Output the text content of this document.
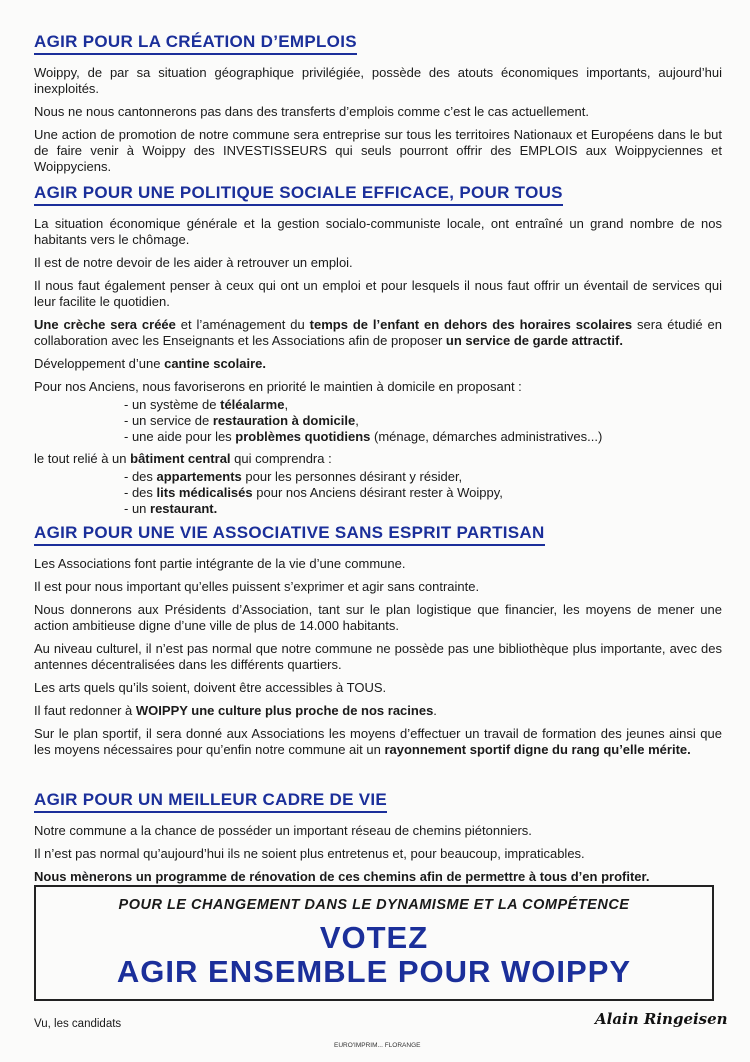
AGIR POUR LA CRÉATION D’EMPLOIS

Woippy, de par sa situation géographique privilégiée, possède des atouts économiques importants, aujourd’hui inexploités.

Nous ne nous cantonnerons pas dans des transferts d’emplois comme c’est le cas actuellement.

Une action de promotion de notre commune sera entreprise sur tous les territoires Nationaux et Européens dans le but de faire venir à Woippy des INVESTISSEURS qui seuls pourront offrir des EMPLOIS aux Woippyciennes et Woippyciens.

AGIR POUR UNE POLITIQUE SOCIALE EFFICACE, POUR TOUS

La situation économique générale et la gestion socialo-communiste locale, ont entraîné un grand nombre de nos habitants vers le chômage.

Il est de notre devoir de les aider à retrouver un emploi.

Il nous faut également penser à ceux qui ont un emploi et pour lesquels il nous faut offrir un éventail de services qui leur facilite le quotidien.

Une crèche sera créée et l’aménagement du temps de l’enfant en dehors des horaires scolaires sera étudié en collaboration avec les Enseignants et les Associations afin de proposer un service de garde attractif.

Développement d’une cantine scolaire.

Pour nos Anciens, nous favoriserons en priorité le maintien à domicile en proposant :

- un système de téléalarme,
- un service de restauration à domicile,
- une aide pour les problèmes quotidiens (ménage, démarches administratives...)

le tout relié à un bâtiment central qui comprendra :

- des appartements pour les personnes désirant y résider,
- des lits médicalisés pour nos Anciens désirant rester à Woippy,
- un restaurant.
AGIR POUR UNE VIE ASSOCIATIVE SANS ESPRIT PARTISAN

Les Associations font partie intégrante de la vie d’une commune.

Il est pour nous important qu’elles puissent s’exprimer et agir sans contrainte.

Nous donnerons aux Présidents d’Association, tant sur le plan logistique que financier, les moyens de mener une action ambitieuse digne d’une ville de plus de 14.000 habitants.

Au niveau culturel, il n’est pas normal que notre commune ne possède pas une bibliothèque plus importante, avec des antennes décentralisées dans les différents quartiers.

Les arts quels qu’ils soient, doivent être accessibles à TOUS.

Il faut redonner à WOIPPY une culture plus proche de nos racines.

Sur le plan sportif, il sera donné aux Associations les moyens d’effectuer un travail de formation des jeunes ainsi que les moyens nécessaires pour qu’enfin notre commune ait un rayonnement sportif digne du rang qu’elle mérite.

AGIR POUR UN MEILLEUR CADRE DE VIE

Notre commune a la chance de posséder un important réseau de chemins piétonniers.

Il n’est pas normal qu’aujourd’hui ils ne soient plus entretenus et, pour beaucoup, impraticables.

Nous mènerons un programme de rénovation de ces chemins afin de permettre à tous d’en profiter.

POUR LE CHANGEMENT DANS LE DYNAMISME ET LA COMPÉTENCE
VOTEZ
AGIR ENSEMBLE POUR WOIPPY
Vu, les candidats	Alain Ringeisen
EURO'IMPRIM... FLORANGE
